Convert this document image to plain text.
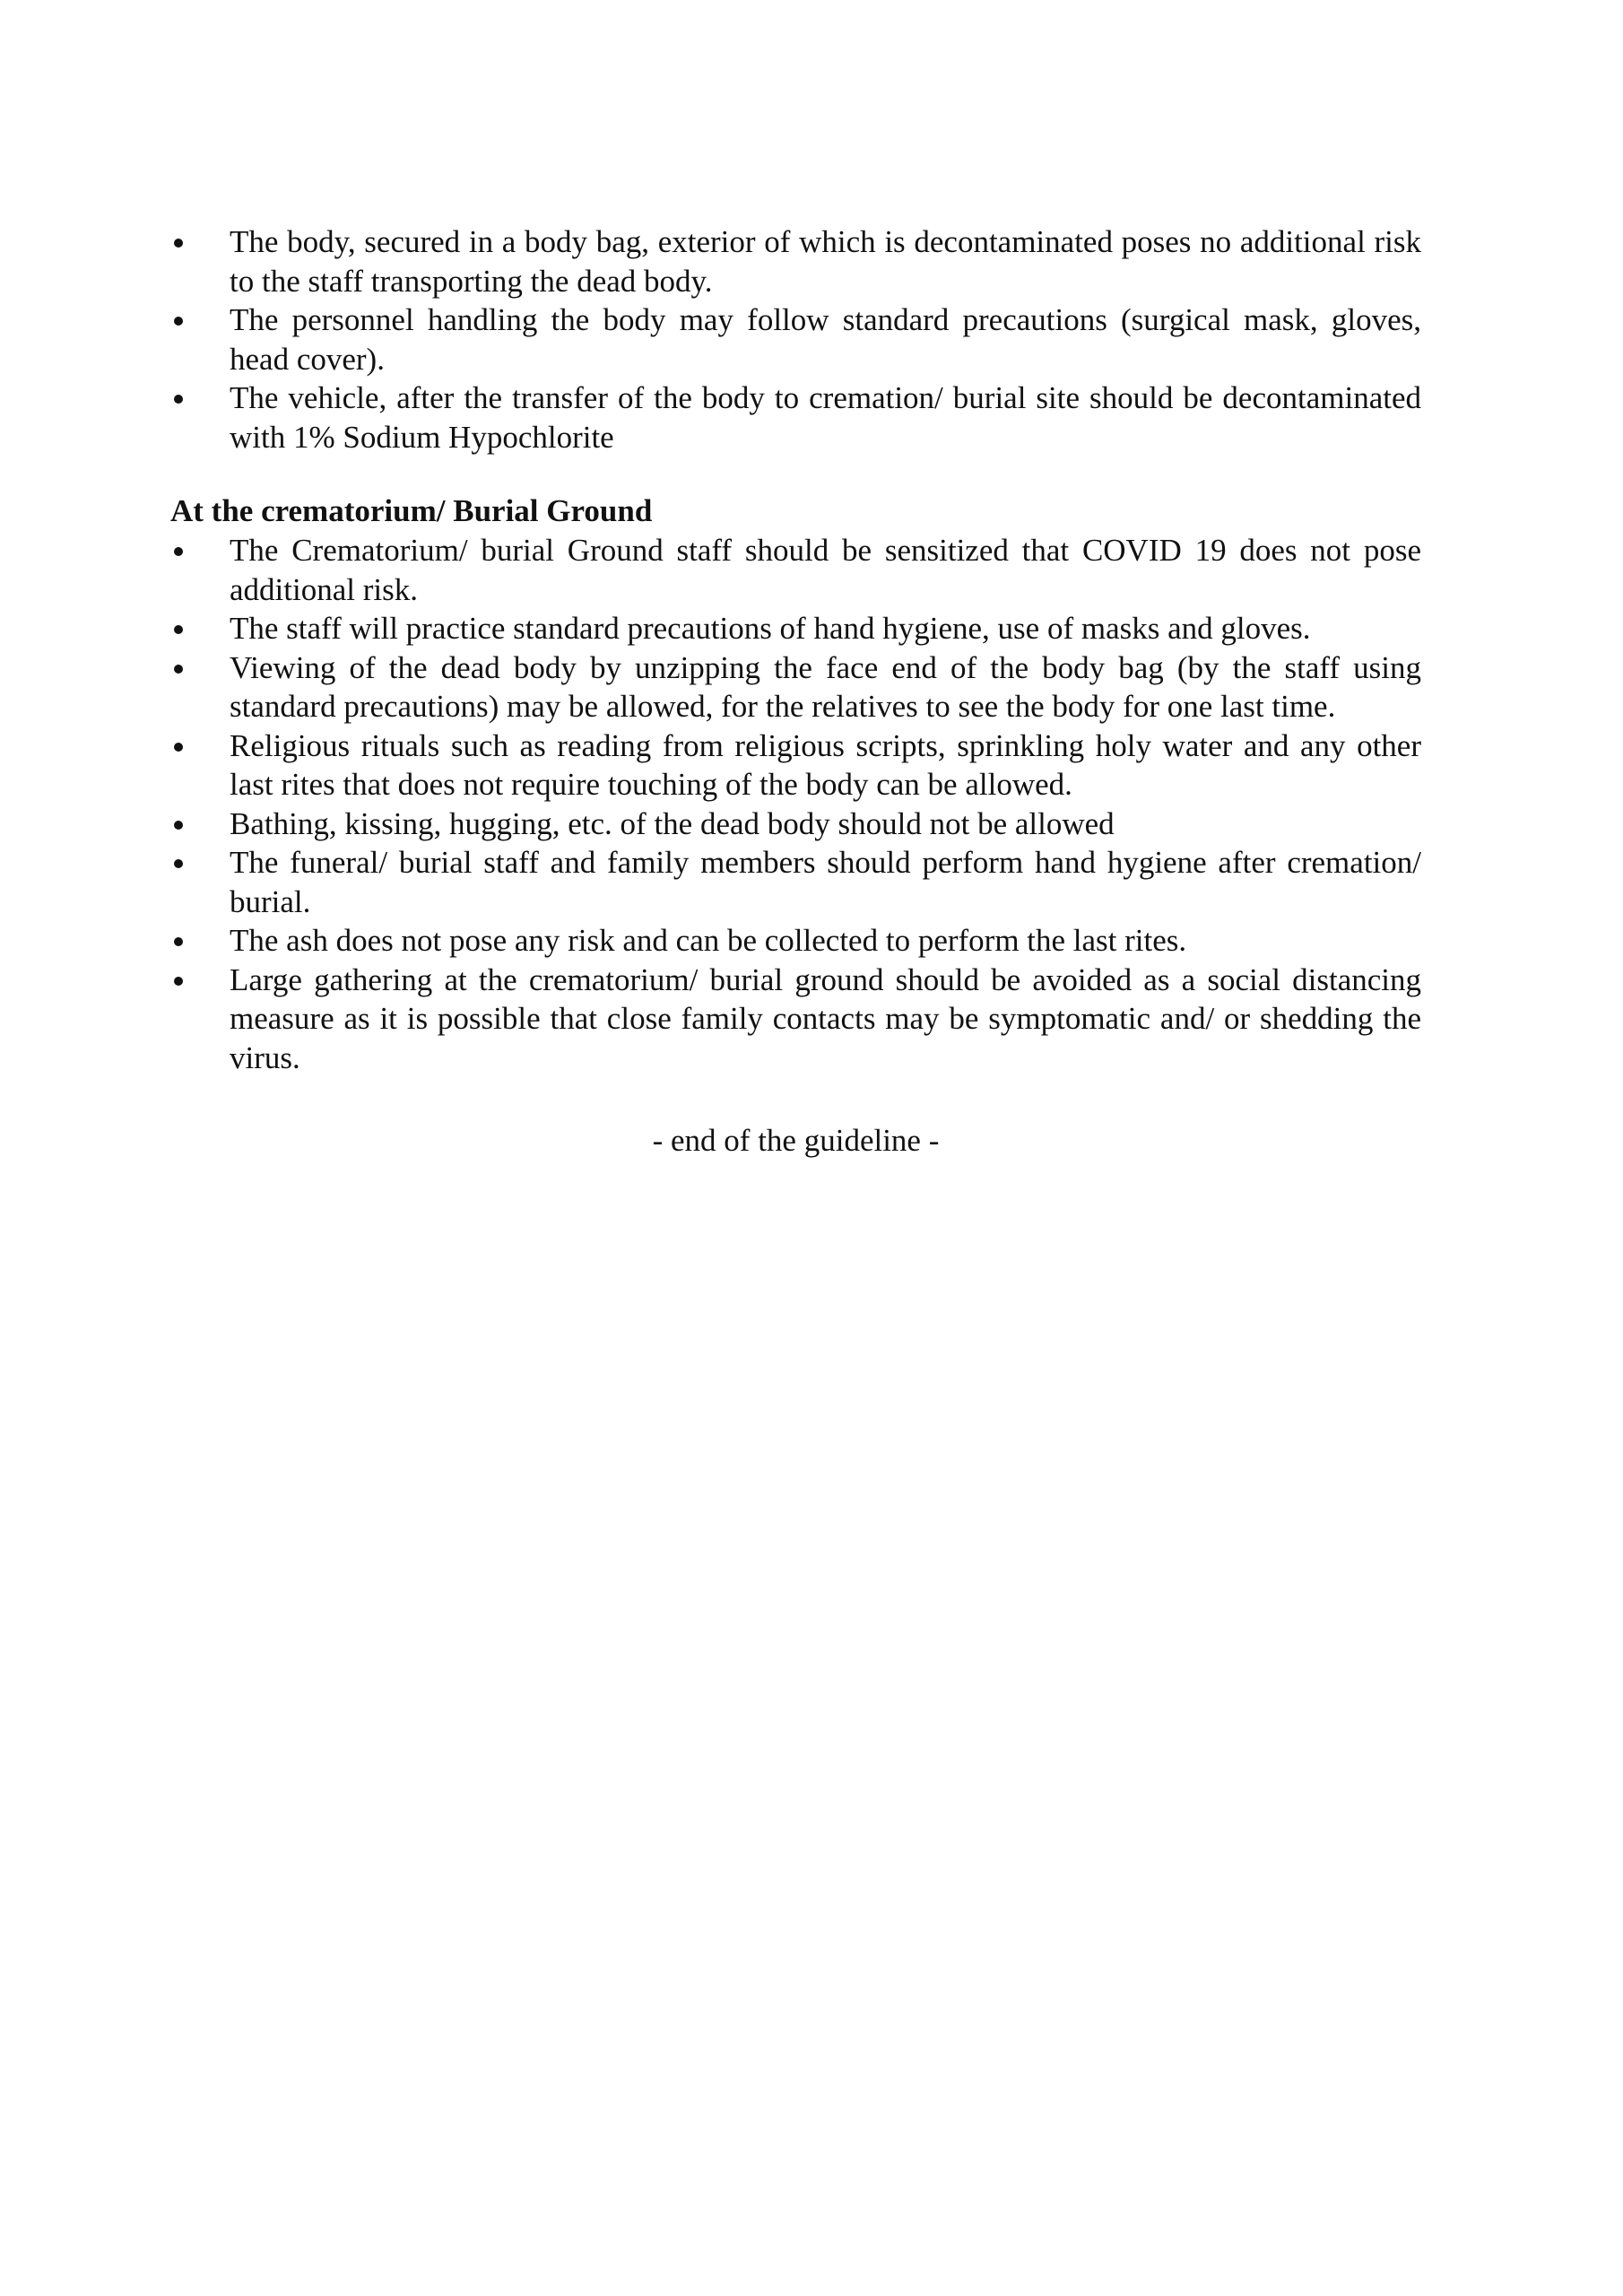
The body, secured in a body bag, exterior of which is decontaminated poses no additional risk to the staff transporting the dead body.
The personnel handling the body may follow standard precautions (surgical mask, gloves, head cover).
The vehicle, after the transfer of the body to cremation/ burial site should be decontaminated with 1% Sodium Hypochlorite
At the crematorium/ Burial Ground
The Crematorium/ burial Ground staff should be sensitized that COVID 19 does not pose additional risk.
The staff will practice standard precautions of hand hygiene, use of masks and gloves.
Viewing of the dead body by unzipping the face end of the body bag (by the staff using standard precautions) may be allowed, for the relatives to see the body for one last time.
Religious rituals such as reading from religious scripts, sprinkling holy water and any other last rites that does not require touching of the body can be allowed.
Bathing, kissing, hugging, etc. of the dead body should not be allowed
The funeral/ burial staff and family members should perform hand hygiene after cremation/ burial.
The ash does not pose any risk and can be collected to perform the last rites.
Large gathering at the crematorium/ burial ground should be avoided as a social distancing measure as it is possible that close family contacts may be symptomatic and/ or shedding the virus.
- end of the guideline -
